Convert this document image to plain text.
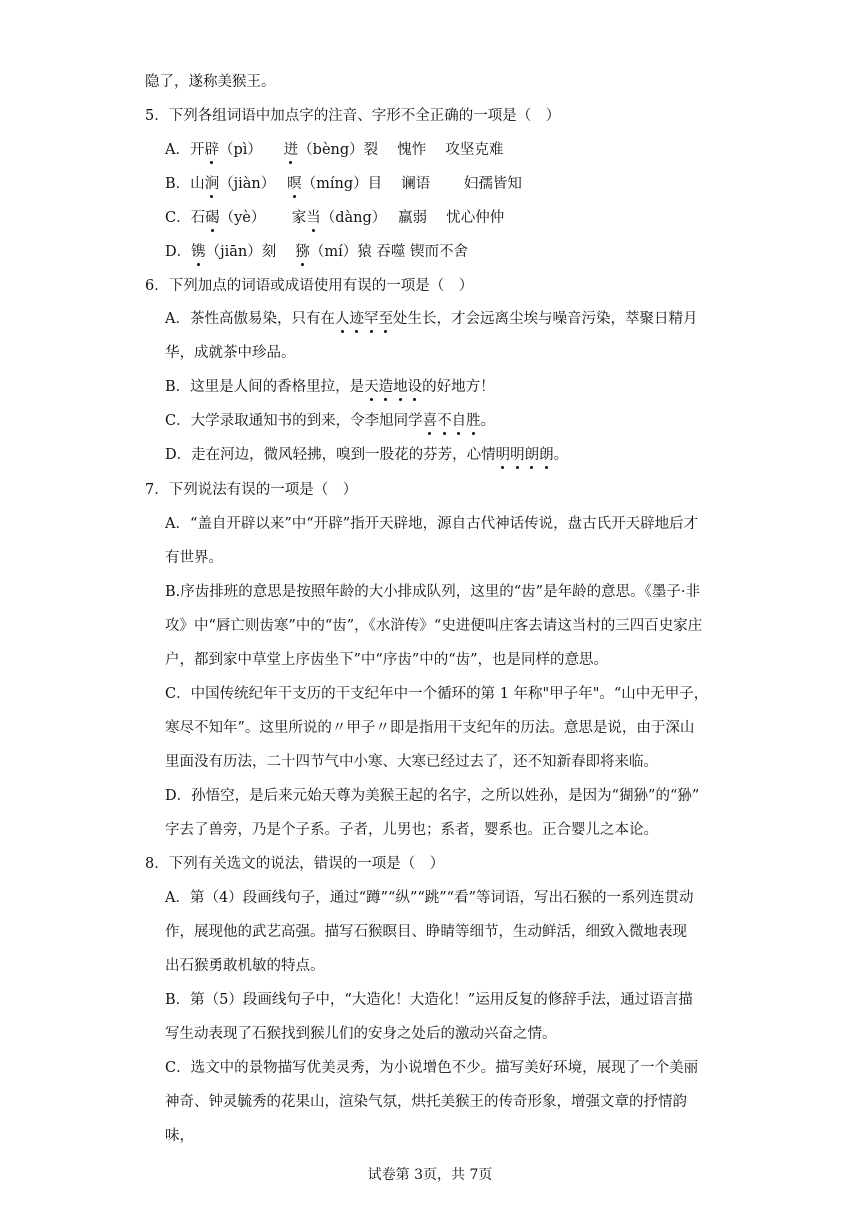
隐了，遂称美猴王。
5．下列各组词语中加点字的注音、字形不全正确的一项是（　）
A．开辟（pì）　　迸（bèng）裂　 愧怍　 攻坚克难
B．山涧（jiàn）　 暝（míng）目　 谰语　　 妇孺皆知
C．石碣（yè）　　 家当（dàng）　 羸弱　 忧心仲仲
D．镌（jiān）刻　 猕（mí）猿 吞噬 锲而不舍
6．下列加点的词语或成语使用有误的一项是（　）
A．茶性高傲易染，只有在人迹罕至处生长，才会远离尘埃与噪音污染，萃聚日精月
华，成就茶中珍品。
B．这里是人间的香格里拉，是天造地设的好地方！
C．大学录取通知书的到来，令李旭同学喜不自胜。
D．走在河边，微风轻拂，嗅到一股花的芬芳，心情明明朗朗。
7．下列说法有误的一项是（　）
A．“盖自开辟以来”中“开辟”指开天辟地，源自古代神话传说，盘古氏开天辟地后才
有世界。
B.序齿排班的意思是按照年龄的大小排成队列，这里的“齿”是年龄的意思。《墨子·非
攻》中“唇亡则齿寒”中的“齿”，《水浒传》“史进便叫庄客去请这当村的三四百史家庄
户，都到家中草堂上序齿坐下”中“序齿”中的“齿”，也是同样的意思。
C．中国传统纪年干支历的干支纪年中一个循环的第 1 年称"甲子年"。“山中无甲子，
寒尽不知年”。这里所说的〃甲子〃即是指用干支纪年的历法。意思是说，由于深山
里面没有历法，二十四节气中小寒、大寒已经过去了，还不知新春即将来临。
D．孙悟空，是后来元始天尊为美猴王起的名字，之所以姓孙，是因为“猢狲”的“狲”
字去了兽旁，乃是个子系。子者，儿男也；系者，婴系也。正合婴儿之本论。
8．下列有关选文的说法，错误的一项是（　）
A．第（4）段画线句子，通过“蹲”“纵”“跳”“看”等词语，写出石猴的一系列连贯动
作，展现他的武艺高强。描写石猴瞑目、睁睛等细节，生动鲜活，细致入微地表现
出石猴勇敢机敏的特点。
B．第（5）段画线句子中，“大造化！大造化！”运用反复的修辞手法，通过语言描
写生动表现了石猴找到猴儿们的安身之处后的激动兴奋之情。
C．选文中的景物描写优美灵秀，为小说增色不少。描写美好环境，展现了一个美丽
神奇、钟灵毓秀的花果山，渲染气氛，烘托美猴王的传奇形象，增强文章的抒情韵
味，
试卷第 3页，共 7页
